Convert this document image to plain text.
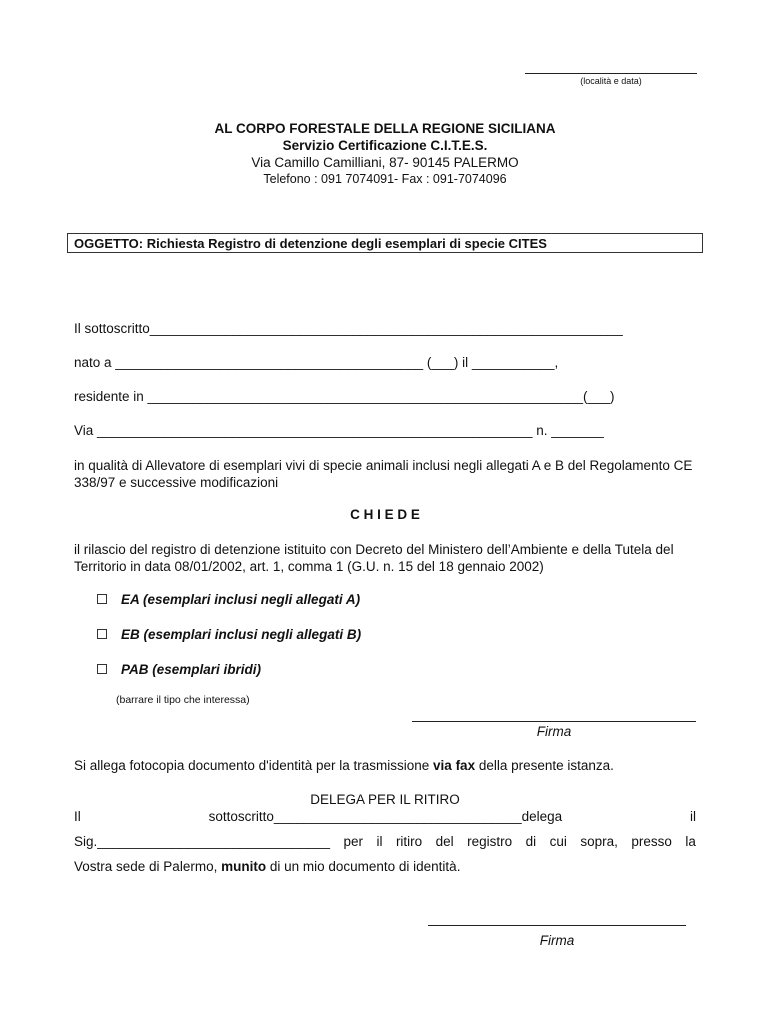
(località e data)
AL CORPO FORESTALE DELLA REGIONE SICILIANA
Servizio Certificazione C.I.T.E.S.
Via Camillo Camilliani, 87- 90145 PALERMO
Telefono : 091 7074091- Fax : 091-7074096
OGGETTO: Richiesta Registro di detenzione degli esemplari di specie CITES
Il sottoscritto_______________________________________________________________
nato a _________________________________________ (___) il ___________,
residente in __________________________________________________________(___)
Via __________________________________________________________ n. _______
in qualità di Allevatore di esemplari vivi di specie animali inclusi negli allegati A e B del Regolamento CE 338/97 e successive modificazioni
C H I E D E
il rilascio del registro di detenzione istituito con Decreto del Ministero dell’Ambiente e della Tutela del Territorio in data 08/01/2002, art. 1, comma 1 (G.U. n. 15 del 18 gennaio 2002)
EA (esemplari inclusi negli allegati A)
EB (esemplari inclusi negli allegati B)
PAB (esemplari ibridi)
(barrare il tipo che interessa)
Firma
Si allega fotocopia documento d'identità per la trasmissione via fax della presente istanza.
DELEGA PER IL RITIRO
Il	sottoscritto_________________________________delega	il
Sig._______________________________ per il ritiro del registro di cui sopra, presso la
Vostra sede di Palermo, munito di un mio documento di identità.
Firma
